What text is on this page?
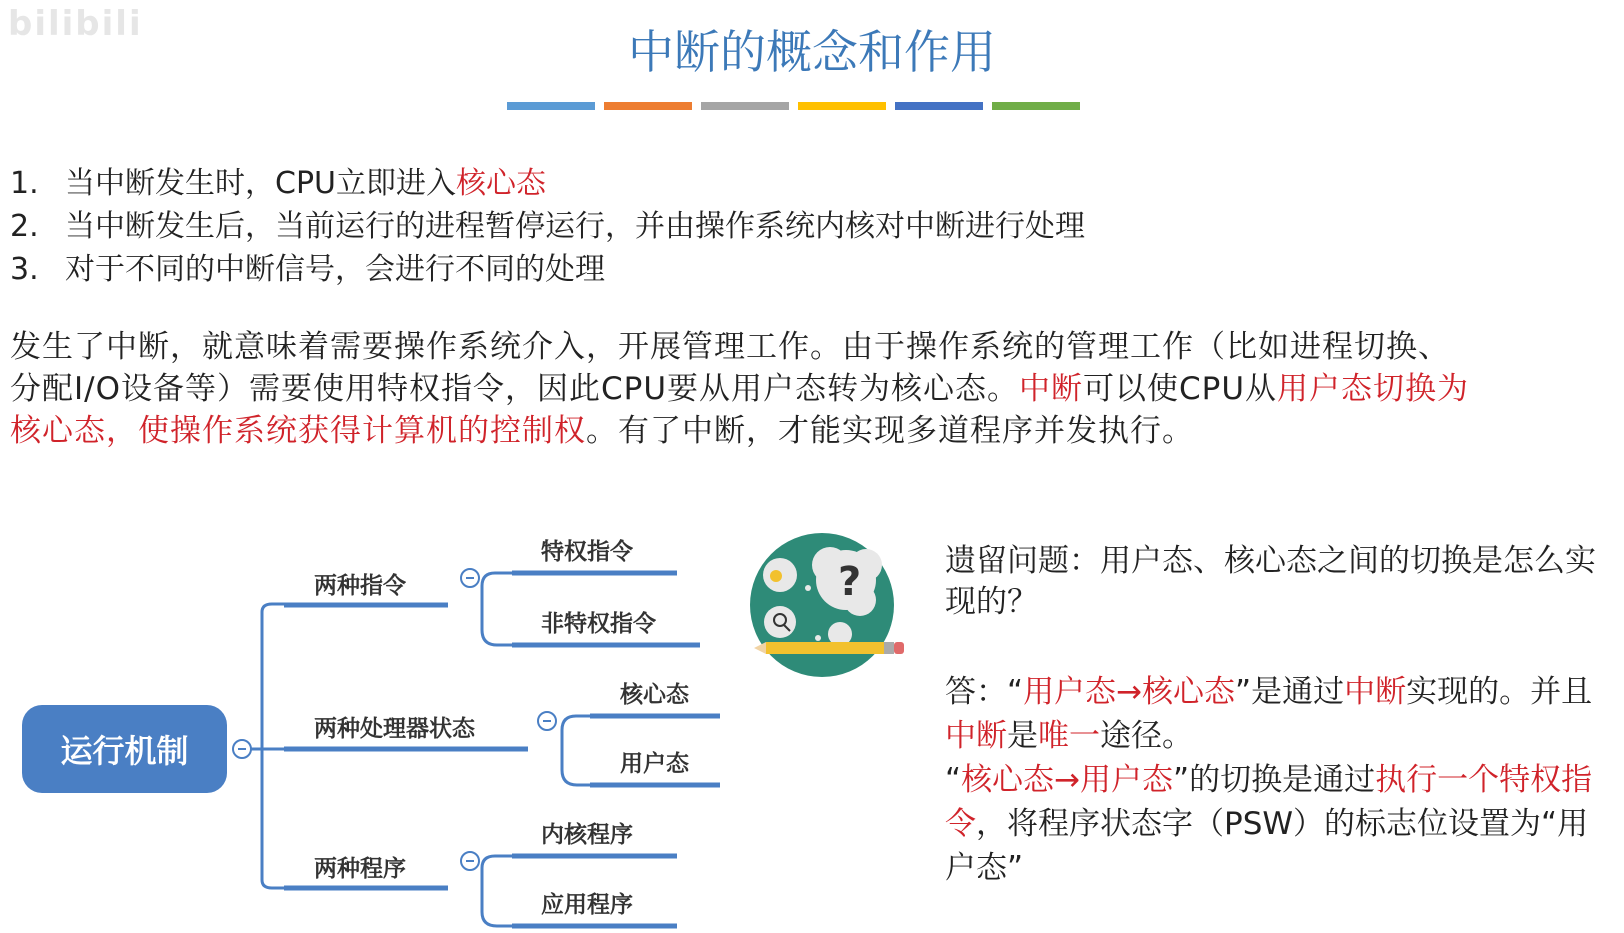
bilibili
中断的概念和作用
1. 当中断发生时，CPU立即进入核心态
2. 当中断发生后，当前运行的进程暂停运行，并由操作系统内核对中断进行处理
3. 对于不同的中断信号，会进行不同的处理
发生了中断，就意味着需要操作系统介入，开展管理工作。由于操作系统的管理工作（比如进程切换、
分配I/O设备等）需要使用特权指令，因此CPU要从用户态转为核心态。中断可以使CPU从用户态切换为
核心态，使操作系统获得计算机的控制权。有了中断，才能实现多道程序并发执行。
运行机制
两种指令
特权指令
非特权指令
两种处理器状态
核心态
用户态
两种程序
内核程序
应用程序
?	遗留问题：用户态、核心态之间的切换是怎么实现的？
答：“用户态→核心态”是通过中断实现的。并且中断是唯一途径。
“核心态→用户态”的切换是通过执行一个特权指令，将程序状态字（PSW）的标志位设置为“用户态”
